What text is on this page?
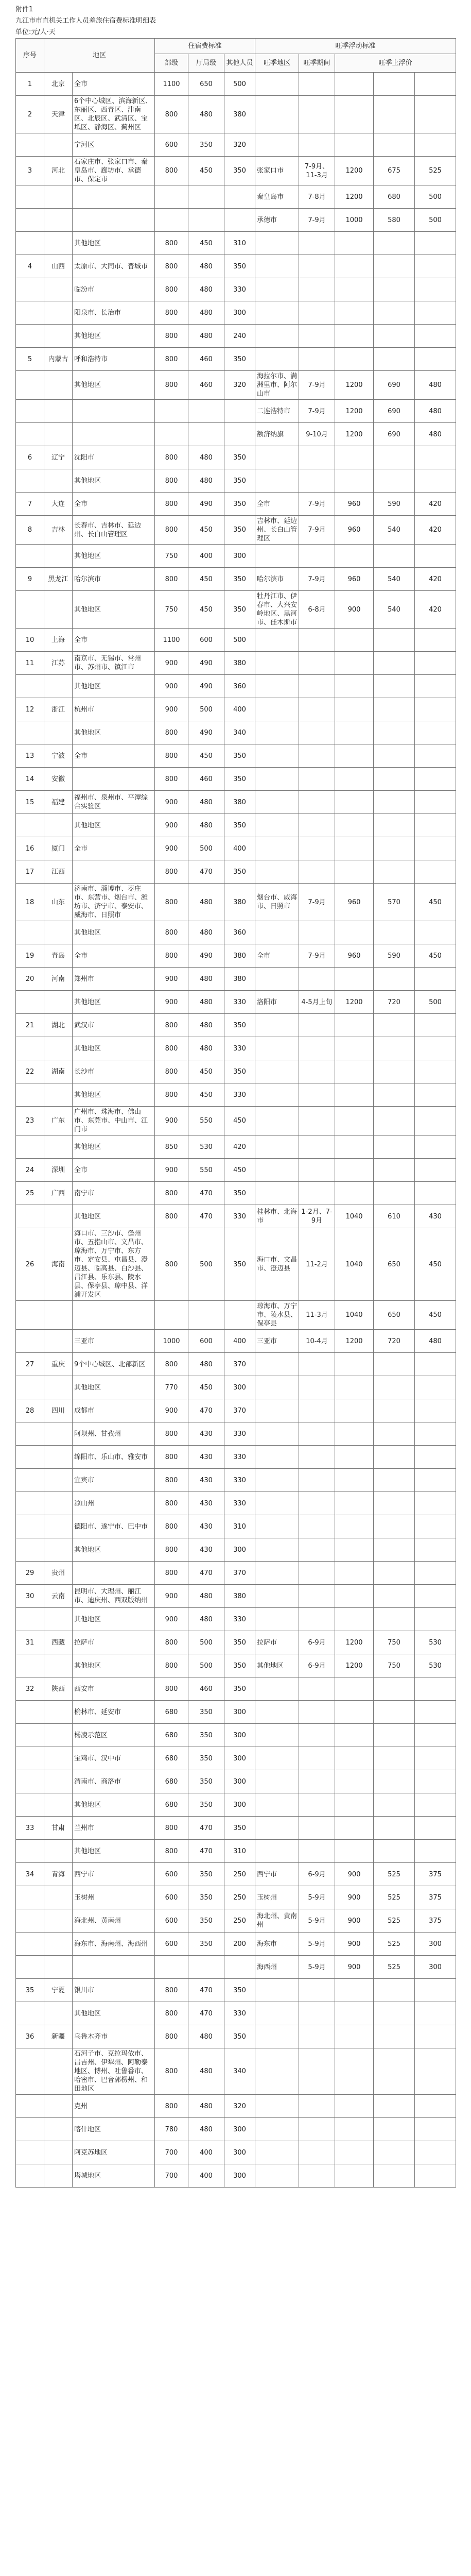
附件1
九江市市直机关工作人员差旅住宿费标准明细表
单位:元/人·天
序号	地区		住宿费标准			旺季浮动标准				
			部级	厅局级	其他人员	旺季地区	旺季期间	旺季上浮价		
1	北京	全市	1100	650	500					
2	天津	6个中心城区、滨海新区、东丽区、西青区、津南区、北辰区、武清区、宝坻区、静海区、蓟州区	800	480	380					
		宁河区	600	350	320					
3	河北	石家庄市、张家口市、秦皇岛市、廊坊市、承德市、保定市	800	450	350	张家口市	7-9月、11-3月	1200	675	525
						秦皇岛市	7-8月	1200	680	500
						承德市	7-9月	1000	580	500
		其他地区	800	450	310					
4	山西	太原市、大同市、晋城市	800	480	350					
		临汾市	800	480	330					
		阳泉市、长治市	800	480	300					
		其他地区	800	480	240					
5	内蒙古	呼和浩特市	800	460	350					
		其他地区	800	460	320	海拉尔市、满洲里市、阿尔山市	7-9月	1200	690	480
						二连浩特市	7-9月	1200	690	480
						额济纳旗	9-10月	1200	690	480
6	辽宁	沈阳市	800	480	350					
		其他地区	800	480	350					
7	大连	全市	800	490	350	全市	7-9月	960	590	420
8	吉林	长春市、吉林市、延边州、长白山管理区	800	450	350	吉林市、延边州、长白山管理区	7-9月	960	540	420
		其他地区	750	400	300					
9	黑龙江	哈尔滨市	800	450	350	哈尔滨市	7-9月	960	540	420
		其他地区	750	450	350	牡丹江市、伊春市、大兴安岭地区、黑河市、佳木斯市	6-8月	900	540	420
10	上海	全市	1100	600	500					
11	江苏	南京市、无锡市、常州市、苏州市、镇江市	900	490	380					
		其他地区	900	490	360					
12	浙江	杭州市	900	500	400					
		其他地区	800	490	340					
13	宁波	全市	800	450	350					
14	安徽		800	460	350					
15	福建	福州市、泉州市、平潭综合实验区	900	480	380					
		其他地区	900	480	350					
16	厦门	全市	900	500	400					
17	江西		800	470	350					
18	山东	济南市、淄博市、枣庄市、东营市、烟台市、潍坊市、济宁市、泰安市、威海市、日照市	800	480	380	烟台市、威海市、日照市	7-9月	960	570	450
		其他地区	800	480	360					
19	青岛	全市	800	490	380	全市	7-9月	960	590	450
20	河南	郑州市	900	480	380					
		其他地区	900	480	330	洛阳市	4-5月上旬	1200	720	500
21	湖北	武汉市	800	480	350					
		其他地区	800	480	330					
22	湖南	长沙市	800	450	350					
		其他地区	800	450	330					
23	广东	广州市、珠海市、佛山市、东莞市、中山市、江门市	900	550	450					
		其他地区	850	530	420					
24	深圳	全市	900	550	450					
25	广西	南宁市	800	470	350					
		其他地区	800	470	330	桂林市、北海市	1-2月、7-9月	1040	610	430
26	海南	海口市、三沙市、儋州市、五指山市、文昌市、琼海市、万宁市、东方市、定安县、屯昌县、澄迈县、临高县、白沙县、昌江县、乐东县、陵水县、保亭县、琼中县、洋浦开发区	800	500	350	海口市、文昌市、澄迈县	11-2月	1040	650	450
						琼海市、万宁市、陵水县、保亭县	11-3月	1040	650	450
		三亚市	1000	600	400	三亚市	10-4月	1200	720	480
27	重庆	9个中心城区、北部新区	800	480	370					
		其他地区	770	450	300					
28	四川	成都市	900	470	370					
		阿坝州、甘孜州	800	430	330					
		绵阳市、乐山市、雅安市	800	430	330					
		宜宾市	800	430	330					
		凉山州	800	430	330					
		德阳市、遂宁市、巴中市	800	430	310					
		其他地区	800	430	300					
29	贵州		800	470	370					
30	云南	昆明市、大理州、丽江市、迪庆州、西双版纳州	900	480	380					
		其他地区	900	480	330					
31	西藏	拉萨市	800	500	350	拉萨市	6-9月	1200	750	530
		其他地区	800	500	350	其他地区	6-9月	1200	750	530
32	陕西	西安市	800	460	350					
		榆林市、延安市	680	350	300					
		杨凌示范区	680	350	300					
		宝鸡市、汉中市	680	350	300					
		渭南市、商洛市	680	350	300					
		其他地区	680	350	300					
33	甘肃	兰州市	800	470	350					
		其他地区	800	470	310					
34	青海	西宁市	600	350	250	西宁市	6-9月	900	525	375
		玉树州	600	350	250	玉树州	5-9月	900	525	375
		海北州、黄南州	600	350	250	海北州、黄南州	5-9月	900	525	375
		海东市、海南州、海西州	600	350	200	海东市	5-9月	900	525	300
						海西州	5-9月	900	525	300
35	宁夏	银川市	800	470	350					
		其他地区	800	470	330					
36	新疆	乌鲁木齐市	800	480	350					
		石河子市、克拉玛依市、昌吉州、伊犁州、阿勒泰地区、博州、吐鲁番市、哈密市、巴音郭楞州、和田地区	800	480	340					
		克州	800	480	320					
		喀什地区	780	480	300					
		阿克苏地区	700	400	300					
		塔城地区	700	400	300					
